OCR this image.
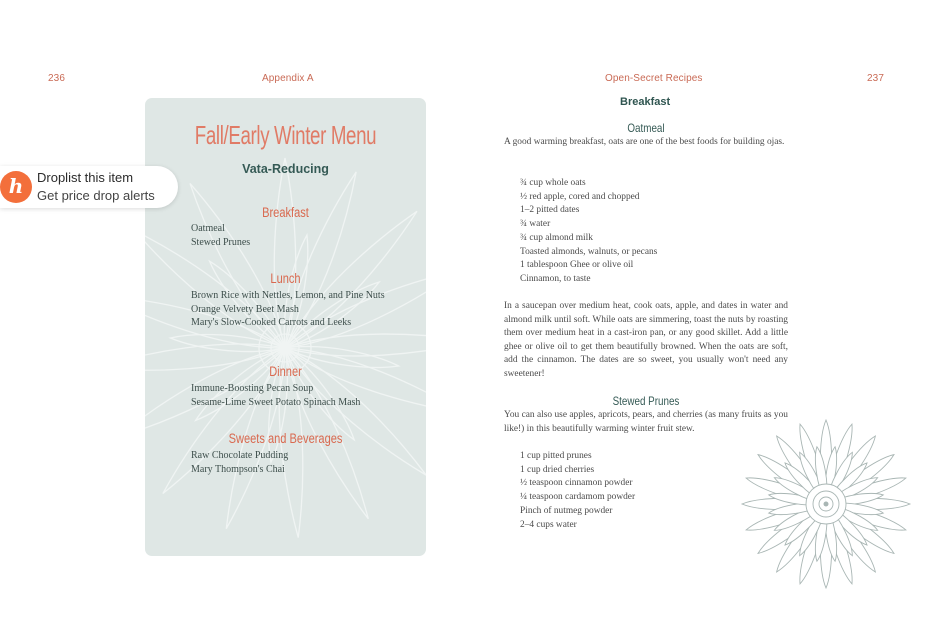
236	Appendix A
Fall/Early Winter Menu
Vata-Reducing
Breakfast
Oatmeal
Stewed Prunes
Lunch
Brown Rice with Nettles, Lemon, and Pine Nuts
Orange Velvety Beet Mash
Mary's Slow-Cooked Carrots and Leeks
Dinner
Immune-Boosting Pecan Soup
Sesame-Lime Sweet Potato Spinach Mash
Sweets and Beverages
Raw Chocolate Pudding
Mary Thompson's Chai
Open-Secret Recipes	237
Breakfast
Oatmeal
A good warming breakfast, oats are one of the best foods for building ojas.
¾ cup whole oats
½ red apple, cored and chopped
1–2 pitted dates
¾ water
¾ cup almond milk
Toasted almonds, walnuts, or pecans
1 tablespoon Ghee or olive oil
Cinnamon, to taste
In a saucepan over medium heat, cook oats, apple, and dates in water and almond milk until soft. While oats are simmering, toast the nuts by roasting them over medium heat in a cast-iron pan, or any good skillet. Add a little ghee or olive oil to get them beautifully browned. When the oats are soft, add the cinnamon. The dates are so sweet, you usually won't need any sweetener!
Stewed Prunes
You can also use apples, apricots, pears, and cherries (as many fruits as you like!) in this beautifully warming winter fruit stew.
1 cup pitted prunes
1 cup dried cherries
½ teaspoon cinnamon powder
¼ teaspoon cardamom powder
Pinch of nutmeg powder
2–4 cups water
h	Droplist this item
Get price drop alerts
